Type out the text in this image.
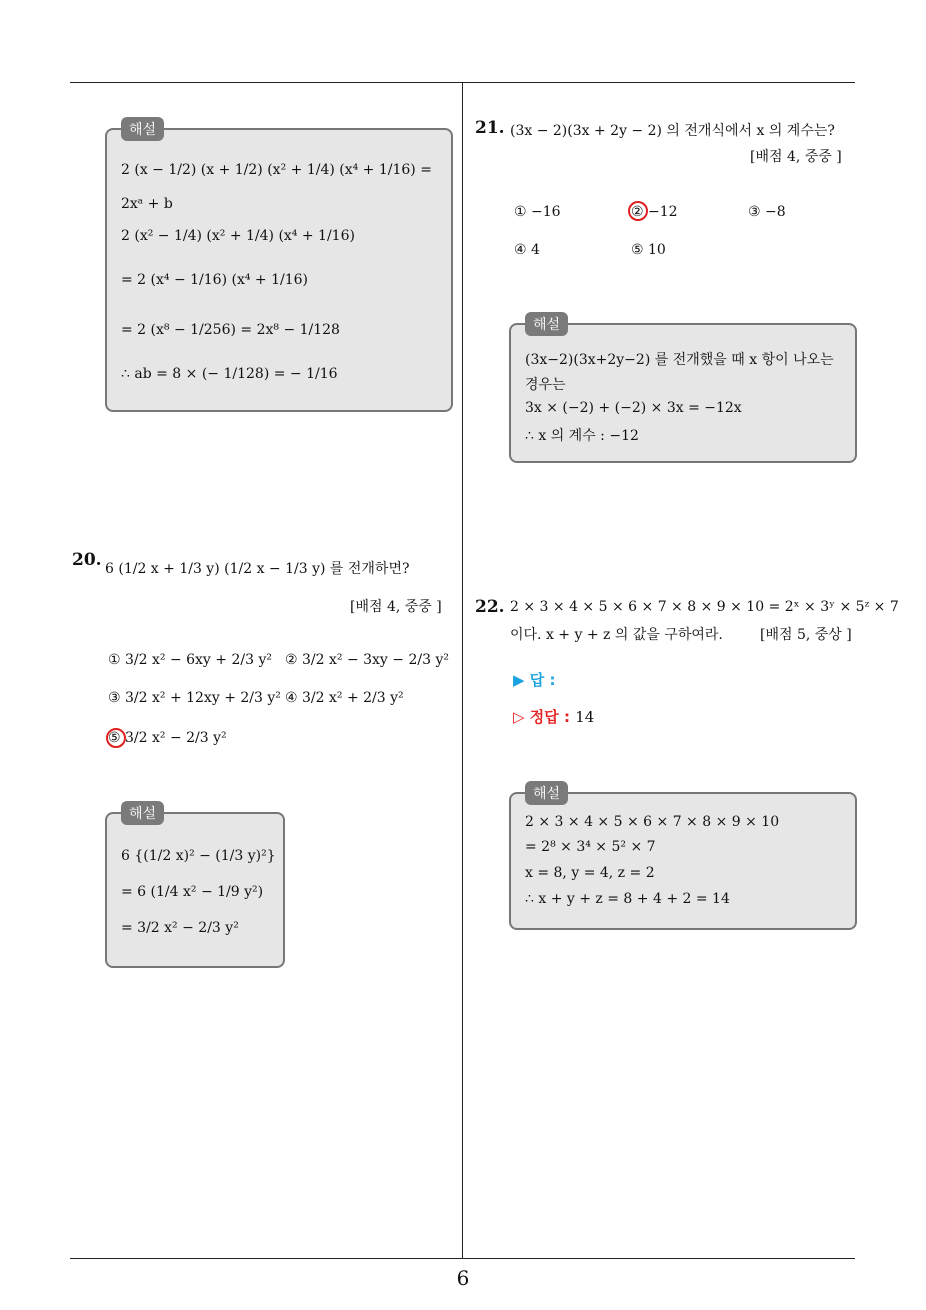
6
해설
2 (x − 1/2) (x + 1/2) (x² + 1/4) (x⁴ + 1/16) =
2xᵃ + b
2 (x² − 1/4) (x² + 1/4) (x⁴ + 1/16)
= 2 (x⁴ − 1/16) (x⁴ + 1/16)
= 2 (x⁸ − 1/256) = 2x⁸ − 1/128
∴ ab = 8 × (− 1/128) = − 1/16
20. 6 (1/2 x + 1/3 y) (1/2 x − 1/3 y) 를 전개하면?
[배점 4, 중중 ]
① 3/2 x² − 6xy + 2/3 y² ② 3/2 x² − 3xy − 2/3 y²
③ 3/2 x² + 12xy + 2/3 y² ④ 3/2 x² + 2/3 y²
⑤ 3/2 x² − 2/3 y²
해설
6 {(1/2 x)² − (1/3 y)²}
= 6 (1/4 x² − 1/9 y²)
= 3/2 x² − 2/3 y²
21. (3x − 2)(3x + 2y − 2) 의 전개식에서 x 의 계수는?
[배점 4, 중중 ]
① −16	② −12	③ −8
④ 4	⑤ 10
해설
(3x−2)(3x+2y−2) 를 전개했을 때 x 항이 나오는
경우는
3x × (−2) + (−2) × 3x = −12x
∴ x 의 계수 : −12
22. 2 × 3 × 4 × 5 × 6 × 7 × 8 × 9 × 10 = 2ˣ × 3ʸ × 5ᶻ × 7
이다. x + y + z 의 값을 구하여라.	[배점 5, 중상 ]
▶ 답 :
▷ 정답 : 14
해설
2 × 3 × 4 × 5 × 6 × 7 × 8 × 9 × 10
= 2⁸ × 3⁴ × 5² × 7
x = 8, y = 4, z = 2
∴ x + y + z = 8 + 4 + 2 = 14
